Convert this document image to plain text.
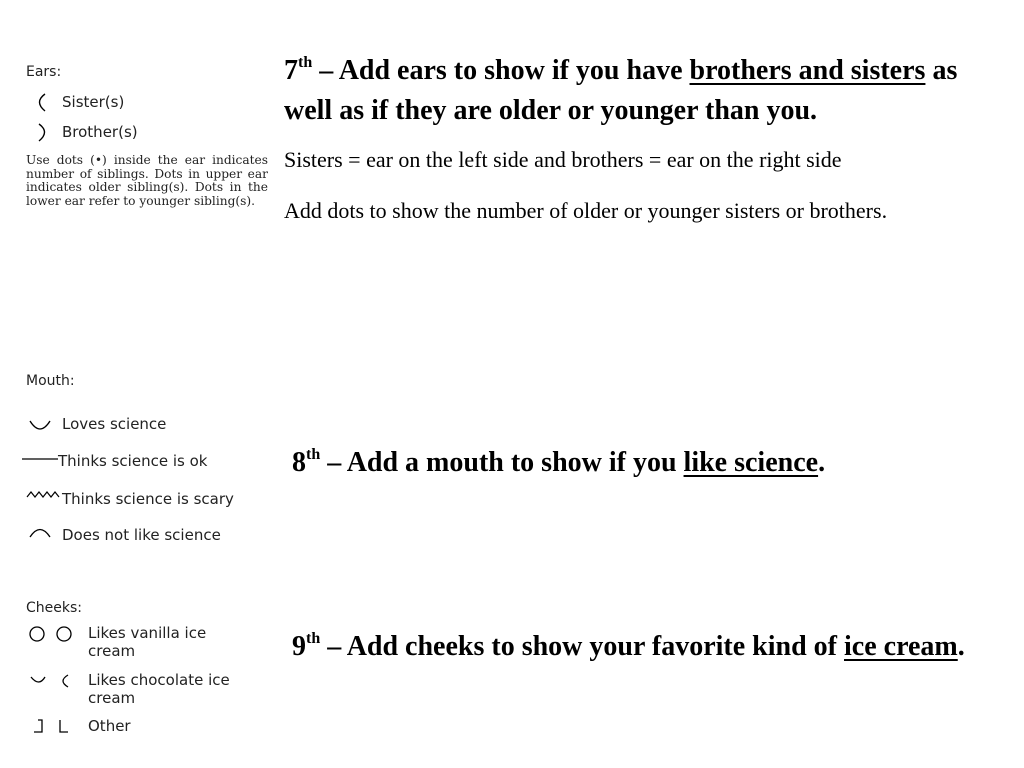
Ears:
Sister(s)
Brother(s)
Use dots (•) inside the ear indicates number of siblings. Dots in upper ear indicates older sibling(s). Dots in the lower ear refer to younger sibling(s).
Mouth:
Loves science
Thinks science is ok
Thinks science is scary
Does not like science
Cheeks:
Likes vanilla ice
cream
Likes chocolate ice
cream
Other

7th – Add ears to show if you have brothers and sisters as well as if they are older or younger than you.

Sisters = ear on the left side and brothers = ear on the right side

Add dots to show the number of older or younger sisters or brothers.

8th – Add a mouth to show if you like science.

9th – Add cheeks to show your favorite kind of ice cream.
